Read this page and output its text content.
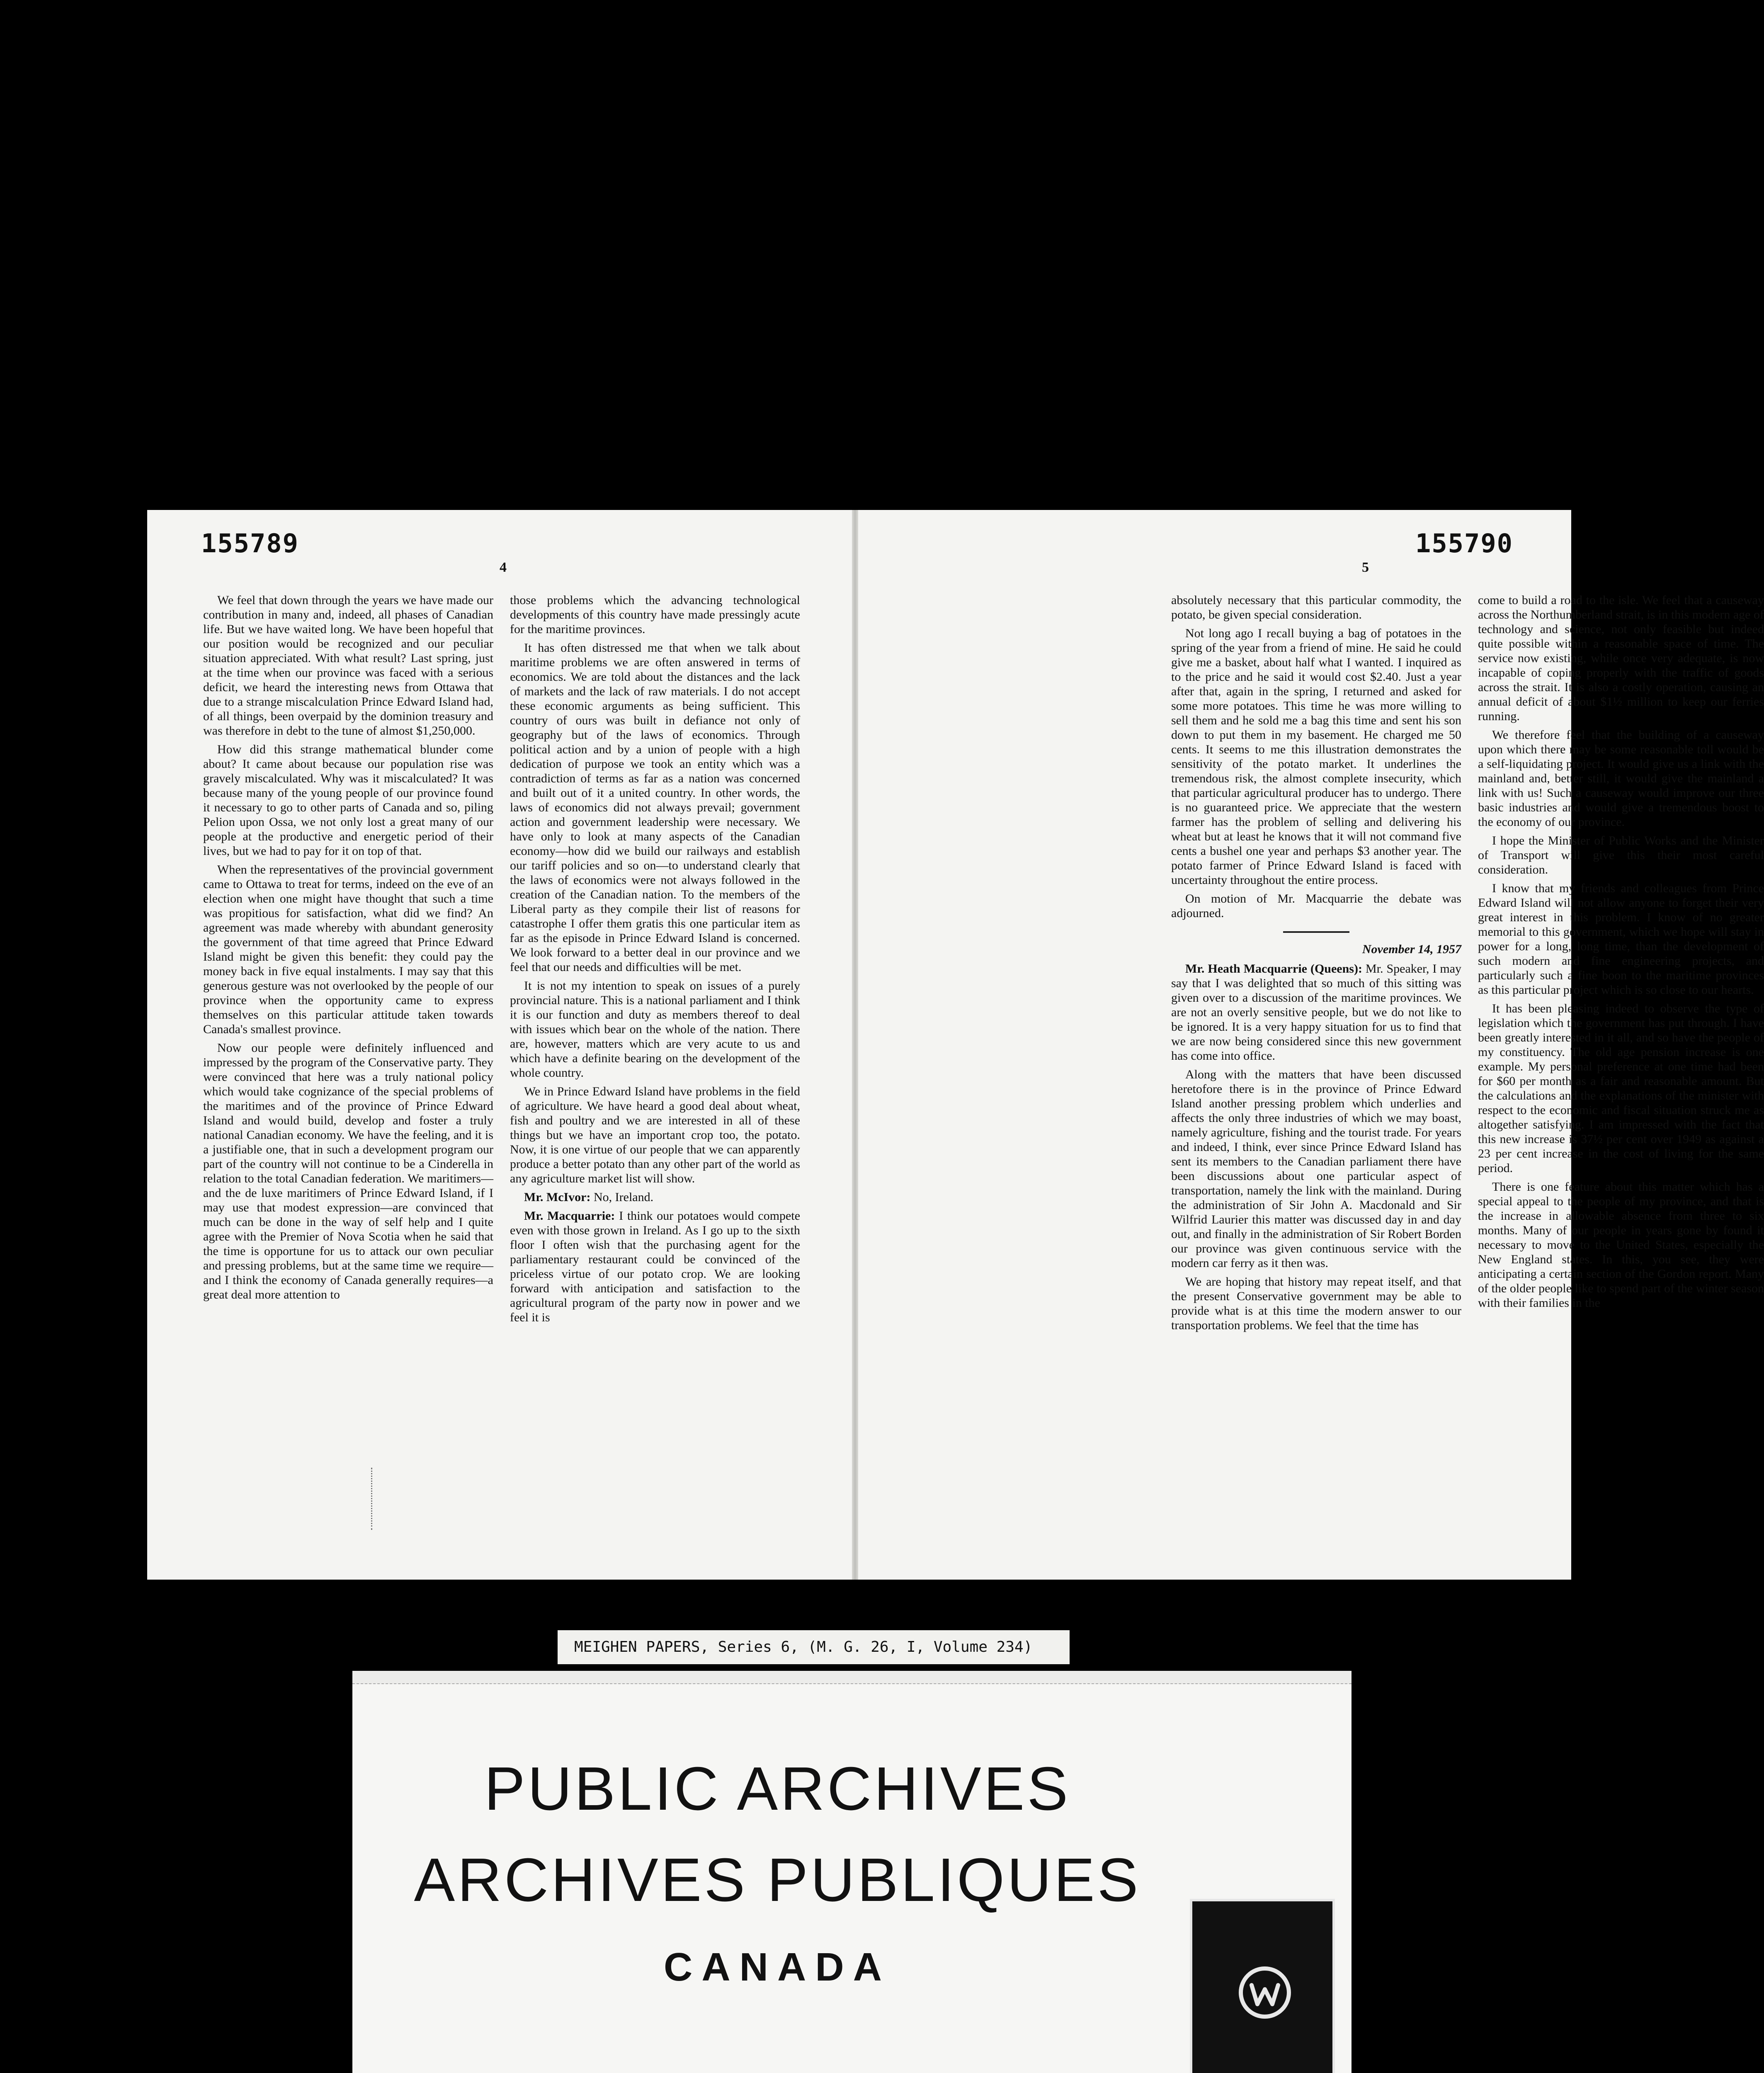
155789
4

We feel that down through the years we have made our contribution in many and, indeed, all phases of Canadian life. But we have waited long. We have been hopeful that our position would be recognized and our peculiar situation appreciated. With what result? Last spring, just at the time when our province was faced with a serious deficit, we heard the interesting news from Ottawa that due to a strange miscalculation Prince Edward Island had, of all things, been overpaid by the dominion treasury and was therefore in debt to the tune of almost $1,250,000.

How did this strange mathematical blunder come about? It came about because our population rise was gravely miscalculated. Why was it miscalculated? It was because many of the young people of our province found it necessary to go to other parts of Canada and so, piling Pelion upon Ossa, we not only lost a great many of our people at the productive and energetic period of their lives, but we had to pay for it on top of that.

When the representatives of the provincial government came to Ottawa to treat for terms, indeed on the eve of an election when one might have thought that such a time was propitious for satisfaction, what did we find? An agreement was made whereby with abundant generosity the government of that time agreed that Prince Edward Island might be given this benefit: they could pay the money back in five equal instalments. I may say that this generous gesture was not overlooked by the people of our province when the opportunity came to express themselves on this particular attitude taken towards Canada's smallest province.

Now our people were definitely influenced and impressed by the program of the Conservative party. They were convinced that here was a truly national policy which would take cognizance of the special problems of the maritimes and of the province of Prince Edward Island and would build, develop and foster a truly national Canadian economy. We have the feeling, and it is a justifiable one, that in such a development program our part of the country will not continue to be a Cinderella in relation to the total Canadian federation. We maritimers—and the de luxe maritimers of Prince Edward Island, if I may use that modest expression—are convinced that much can be done in the way of self help and I quite agree with the Premier of Nova Scotia when he said that the time is opportune for us to attack our own peculiar and pressing problems, but at the same time we require—and I think the economy of Canada generally requires—a great deal more attention to

those problems which the advancing technological developments of this country have made pressingly acute for the maritime provinces.

It has often distressed me that when we talk about maritime problems we are often answered in terms of economics. We are told about the distances and the lack of markets and the lack of raw materials. I do not accept these economic arguments as being sufficient. This country of ours was built in defiance not only of geography but of the laws of economics. Through political action and by a union of people with a high dedication of purpose we took an entity which was a contradiction of terms as far as a nation was concerned and built out of it a united country. In other words, the laws of economics did not always prevail; government action and government leadership were necessary. We have only to look at many aspects of the Canadian economy—how did we build our railways and establish our tariff policies and so on—to understand clearly that the laws of economics were not always followed in the creation of the Canadian nation. To the members of the Liberal party as they compile their list of reasons for catastrophe I offer them gratis this one particular item as far as the episode in Prince Edward Island is concerned. We look forward to a better deal in our province and we feel that our needs and difficulties will be met.

It is not my intention to speak on issues of a purely provincial nature. This is a national parliament and I think it is our function and duty as members thereof to deal with issues which bear on the whole of the nation. There are, however, matters which are very acute to us and which have a definite bearing on the development of the whole country.

We in Prince Edward Island have problems in the field of agriculture. We have heard a good deal about wheat, fish and poultry and we are interested in all of these things but we have an important crop too, the potato. Now, it is one virtue of our people that we can apparently produce a better potato than any other part of the world as any agriculture market list will show.

Mr. McIvor: No, Ireland.

Mr. Macquarrie: I think our potatoes would compete even with those grown in Ireland. As I go up to the sixth floor I often wish that the purchasing agent for the parliamentary restaurant could be convinced of the priceless virtue of our potato crop. We are looking forward with anticipation and satisfaction to the agricultural program of the party now in power and we feel it is

155790
5

absolutely necessary that this particular commodity, the potato, be given special consideration.

Not long ago I recall buying a bag of potatoes in the spring of the year from a friend of mine. He said he could give me a basket, about half what I wanted. I inquired as to the price and he said it would cost $2.40. Just a year after that, again in the spring, I returned and asked for some more potatoes. This time he was more willing to sell them and he sold me a bag this time and sent his son down to put them in my basement. He charged me 50 cents. It seems to me this illustration demonstrates the sensitivity of the potato market. It underlines the tremendous risk, the almost complete insecurity, which that particular agricultural producer has to undergo. There is no guaranteed price. We appreciate that the western farmer has the problem of selling and delivering his wheat but at least he knows that it will not command five cents a bushel one year and perhaps $3 another year. The potato farmer of Prince Edward Island is faced with uncertainty throughout the entire process.

On motion of Mr. Macquarrie the debate was adjourned.

November 14, 1957

Mr. Heath Macquarrie (Queens): Mr. Speaker, I may say that I was delighted that so much of this sitting was given over to a discussion of the maritime provinces. We are not an overly sensitive people, but we do not like to be ignored. It is a very happy situation for us to find that we are now being considered since this new government has come into office.

Along with the matters that have been discussed heretofore there is in the province of Prince Edward Island another pressing problem which underlies and affects the only three industries of which we may boast, namely agriculture, fishing and the tourist trade. For years and indeed, I think, ever since Prince Edward Island has sent its members to the Canadian parliament there have been discussions about one particular aspect of transportation, namely the link with the mainland. During the administration of Sir John A. Macdonald and Sir Wilfrid Laurier this matter was discussed day in and day out, and finally in the administration of Sir Robert Borden our province was given continuous service with the modern car ferry as it then was.

We are hoping that history may repeat itself, and that the present Conservative government may be able to provide what is at this time the modern answer to our transportation problems. We feel that the time has

come to build a road to the isle. We feel that a causeway across the Northumberland strait, is in this modern age of technology and science, not only feasible but indeed quite possible within a reasonable space of time. The service now existing, while once very adequate, is now incapable of coping properly with the traffic of goods across the strait. It is also a costly operation, causing an annual deficit of about $1½ million to keep our ferries running.

We therefore feel that the building of a causeway upon which there may be some reasonable toll would be a self-liquidating project. It would give us a link with the mainland and, better still, it would give the mainland a link with us! Such a causeway would improve our three basic industries and would give a tremendous boost to the economy of our province.

I hope the Minister of Public Works and the Minister of Transport will give this their most careful consideration.

I know that my friends and colleagues from Prince Edward Island will not allow anyone to forget their very great interest in this problem. I know of no greater memorial to this government, which we hope will stay in power for a long, long time, than the development of such modern and fine engineering projects, and particularly such a fine boon to the maritime provinces as this particular project which is so close to our hearts.

It has been pleasing indeed to observe the type of legislation which the government has put through. I have been greatly interested in it all, and so have the people of my constituency. The old age pension increase is one example. My personal preference at one time had been for $60 per month as a fair and reasonable amount. But the calculations and the explanations of the minister with respect to the economic and fiscal situation struck me as altogether satisfying. I am impressed with the fact that this new increase is 37½ per cent over 1949 as against a 23 per cent increase in the cost of living for the same period.

There is one feature about this matter which has a special appeal to the people of my province, and that is the increase in allowable absence from three to six months. Many of our people in years gone by found it necessary to move to the United States, especially the New England states. In this, you see, they were anticipating a certain section of the Gordon report. Many of the older people like to spend part of the winter season with their families in the

MEIGHEN PAPERS, Series 6, (M. G. 26, I, Volume 234)
PUBLIC ARCHIVES
ARCHIVES PUBLIQUES
CANADA
